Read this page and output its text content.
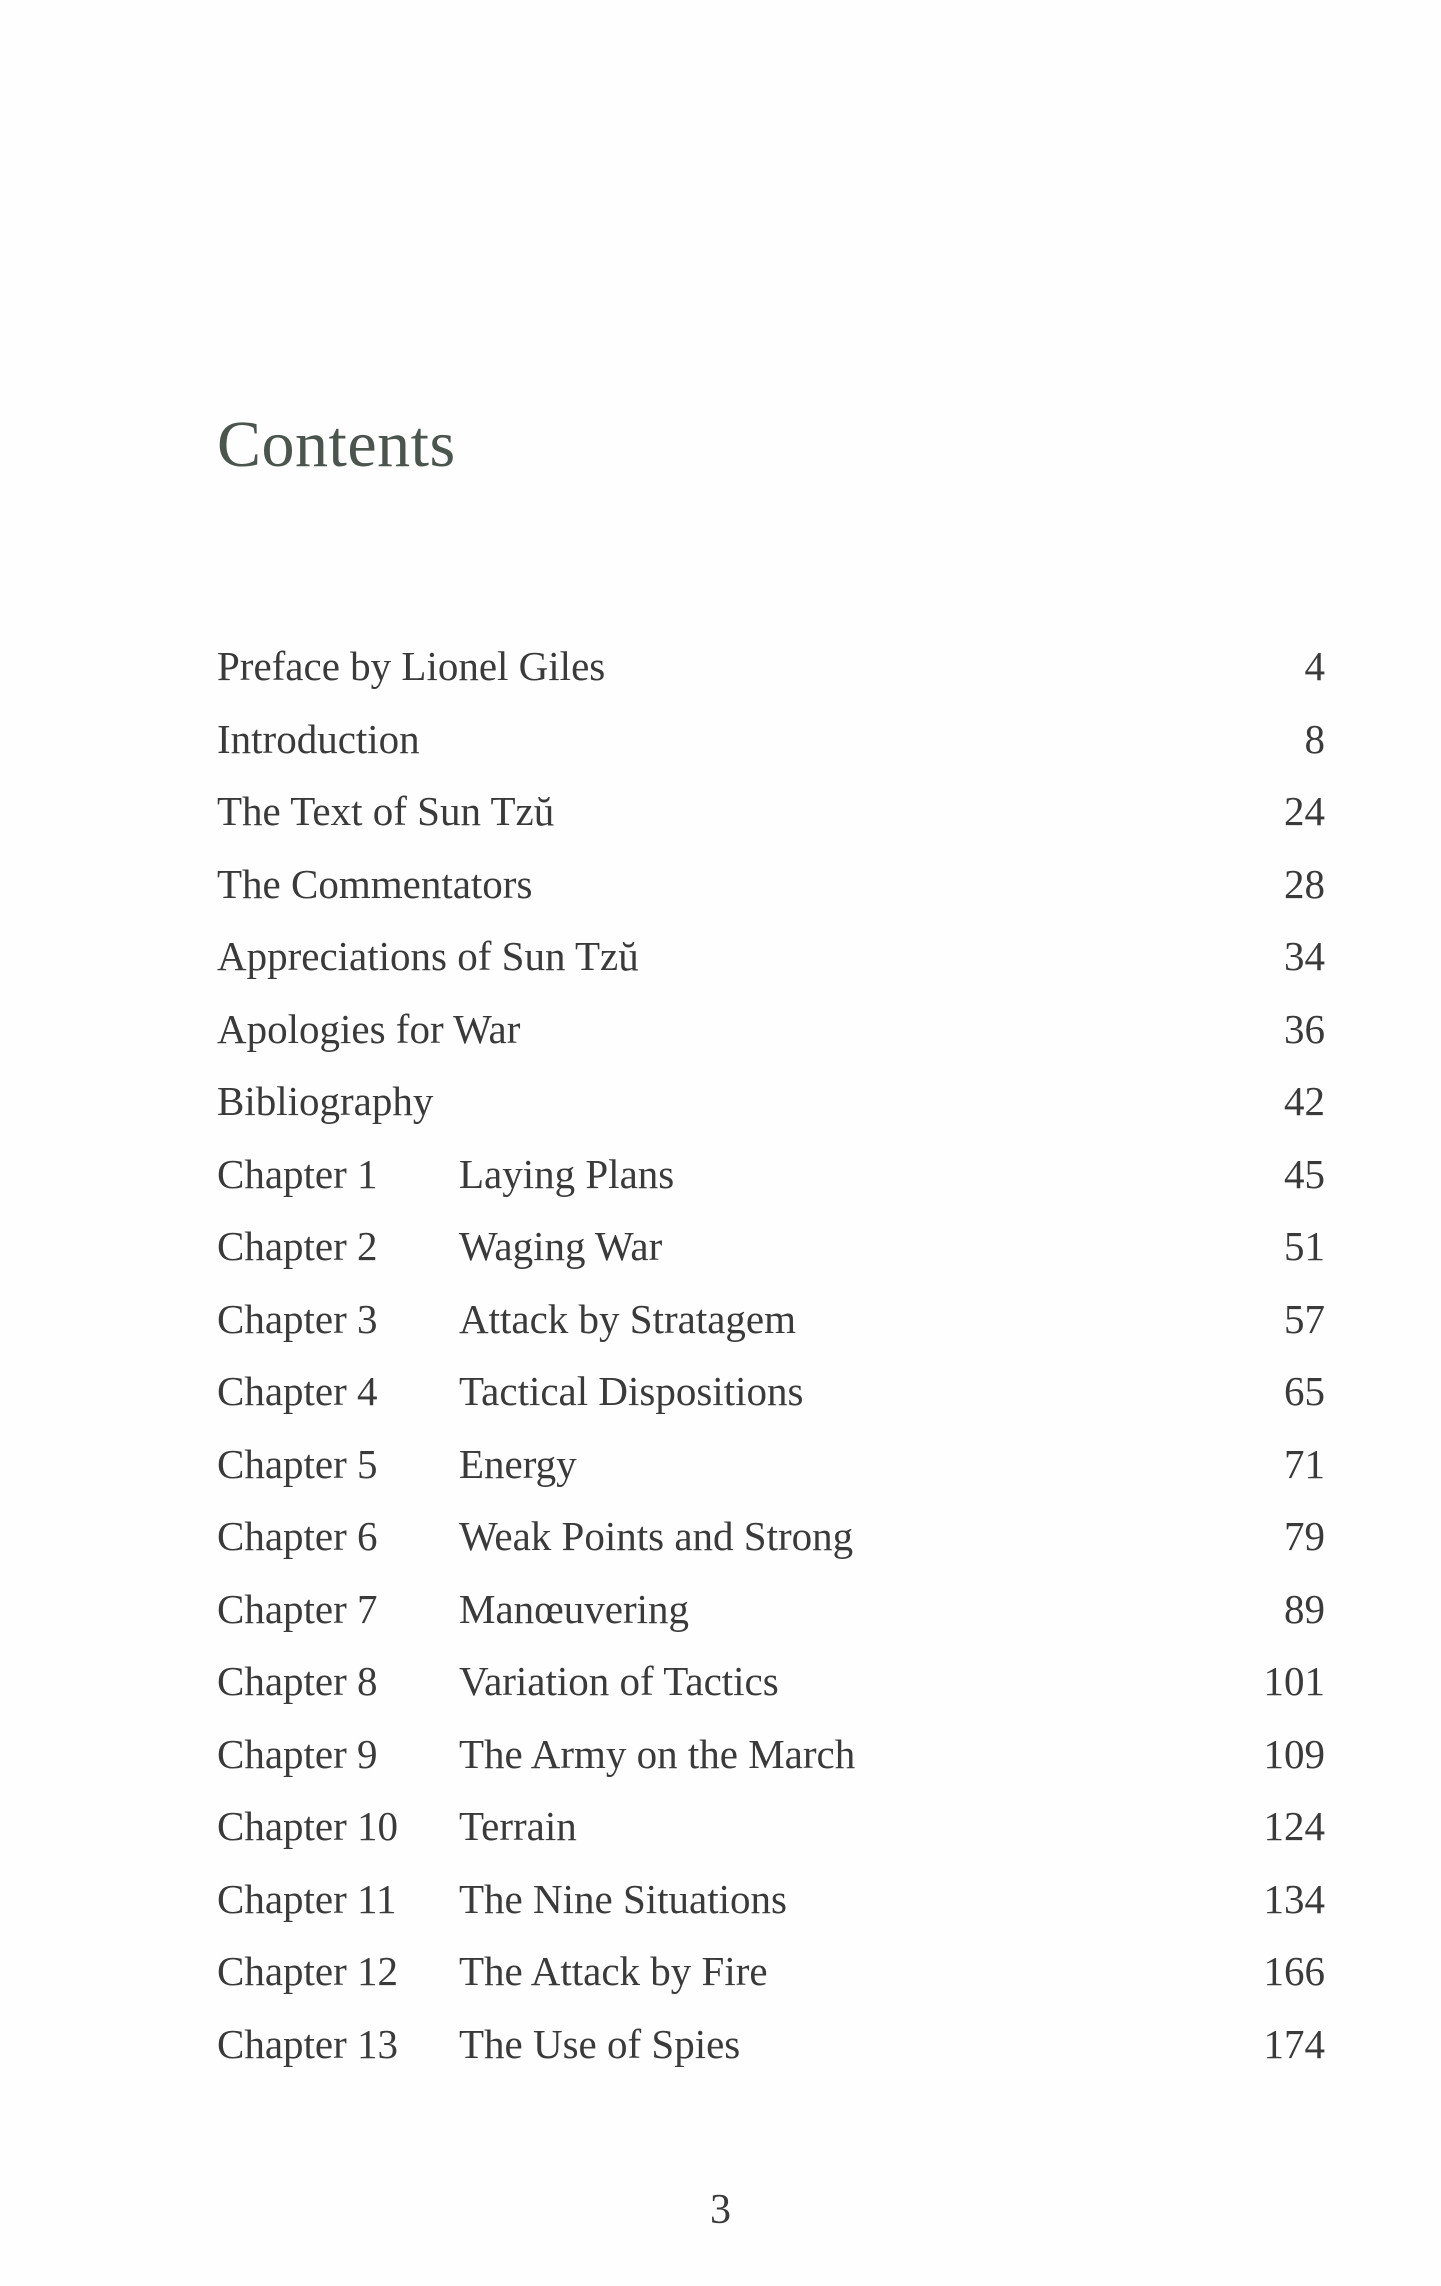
Contents
Preface by Lionel Giles	4
Introduction	8
The Text of Sun Tzŭ	24
The Commentators	28
Appreciations of Sun Tzŭ	34
Apologies for War	36
Bibliography	42
Chapter 1 Laying Plans	45
Chapter 2 Waging War	51
Chapter 3 Attack by Stratagem	57
Chapter 4 Tactical Dispositions	65
Chapter 5 Energy	71
Chapter 6 Weak Points and Strong	79
Chapter 7 Manœuvering	89
Chapter 8 Variation of Tactics	101
Chapter 9 The Army on the March	109
Chapter 10 Terrain	124
Chapter 11 The Nine Situations	134
Chapter 12 The Attack by Fire	166
Chapter 13 The Use of Spies	174
3
